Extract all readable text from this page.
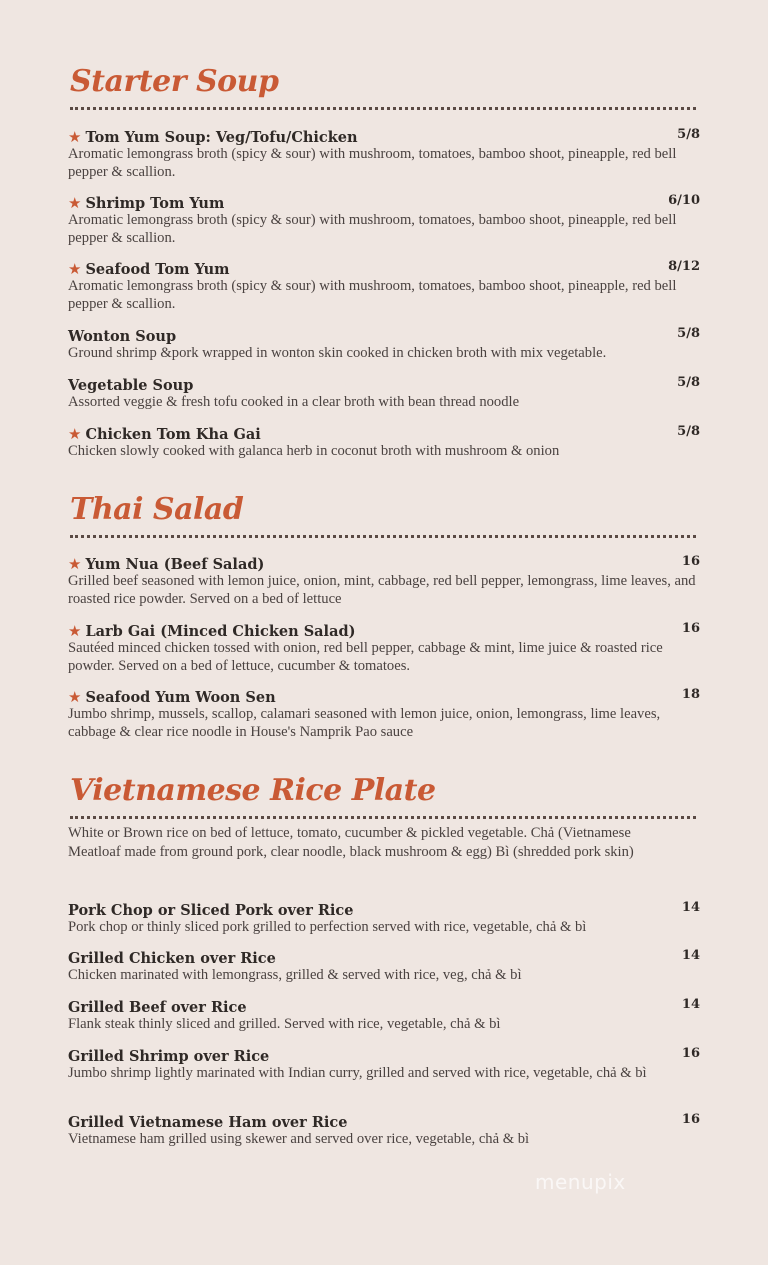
Starter Soup
★ Tom Yum Soup: Veg/Tofu/Chicken	5/8
Aromatic lemongrass broth (spicy & sour) with mushroom, tomatoes, bamboo shoot, pineapple, red bell pepper & scallion.
★ Shrimp Tom Yum	6/10
Aromatic lemongrass broth (spicy & sour) with mushroom, tomatoes, bamboo shoot, pineapple, red bell pepper & scallion.
★ Seafood Tom Yum	8/12
Aromatic lemongrass broth (spicy & sour) with mushroom, tomatoes, bamboo shoot, pineapple, red bell pepper & scallion.
Wonton Soup	5/8
Ground shrimp &pork wrapped in wonton skin cooked in chicken broth with mix vegetable.
Vegetable Soup	5/8
Assorted veggie & fresh tofu cooked in a clear broth with bean thread noodle
★ Chicken Tom Kha Gai	5/8
Chicken slowly cooked with galanca herb in coconut broth with mushroom & onion
Thai Salad
★ Yum Nua (Beef Salad)	16
Grilled beef seasoned with lemon juice, onion, mint, cabbage, red bell pepper, lemongrass, lime leaves, and roasted rice powder. Served on a bed of lettuce
★ Larb Gai (Minced Chicken Salad)	16
Sautéed minced chicken tossed with onion, red bell pepper, cabbage & mint, lime juice & roasted rice powder. Served on a bed of lettuce, cucumber & tomatoes.
★ Seafood Yum Woon Sen	18
Jumbo shrimp, mussels, scallop, calamari seasoned with lemon juice, onion, lemongrass, lime leaves, cabbage & clear rice noodle in House's Namprik Pao sauce
Vietnamese Rice Plate
White or Brown rice on bed of lettuce, tomato, cucumber & pickled vegetable. Chả (Vietnamese Meatloaf made from ground pork, clear noodle, black mushroom & egg) Bì (shredded pork skin)
Pork Chop or Sliced Pork over Rice	14
Pork chop or thinly sliced pork grilled to perfection served with rice, vegetable, chả & bì
Grilled Chicken over Rice	14
Chicken marinated with lemongrass, grilled & served with rice, veg, chả & bì
Grilled Beef over Rice	14
Flank steak thinly sliced and grilled. Served with rice, vegetable, chả & bì
Grilled Shrimp over Rice	16
Jumbo shrimp lightly marinated with Indian curry, grilled and served with rice, vegetable, chả & bì
Grilled Vietnamese Ham over Rice	16
Vietnamese ham grilled using skewer and served over rice, vegetable, chả & bì
menupix
